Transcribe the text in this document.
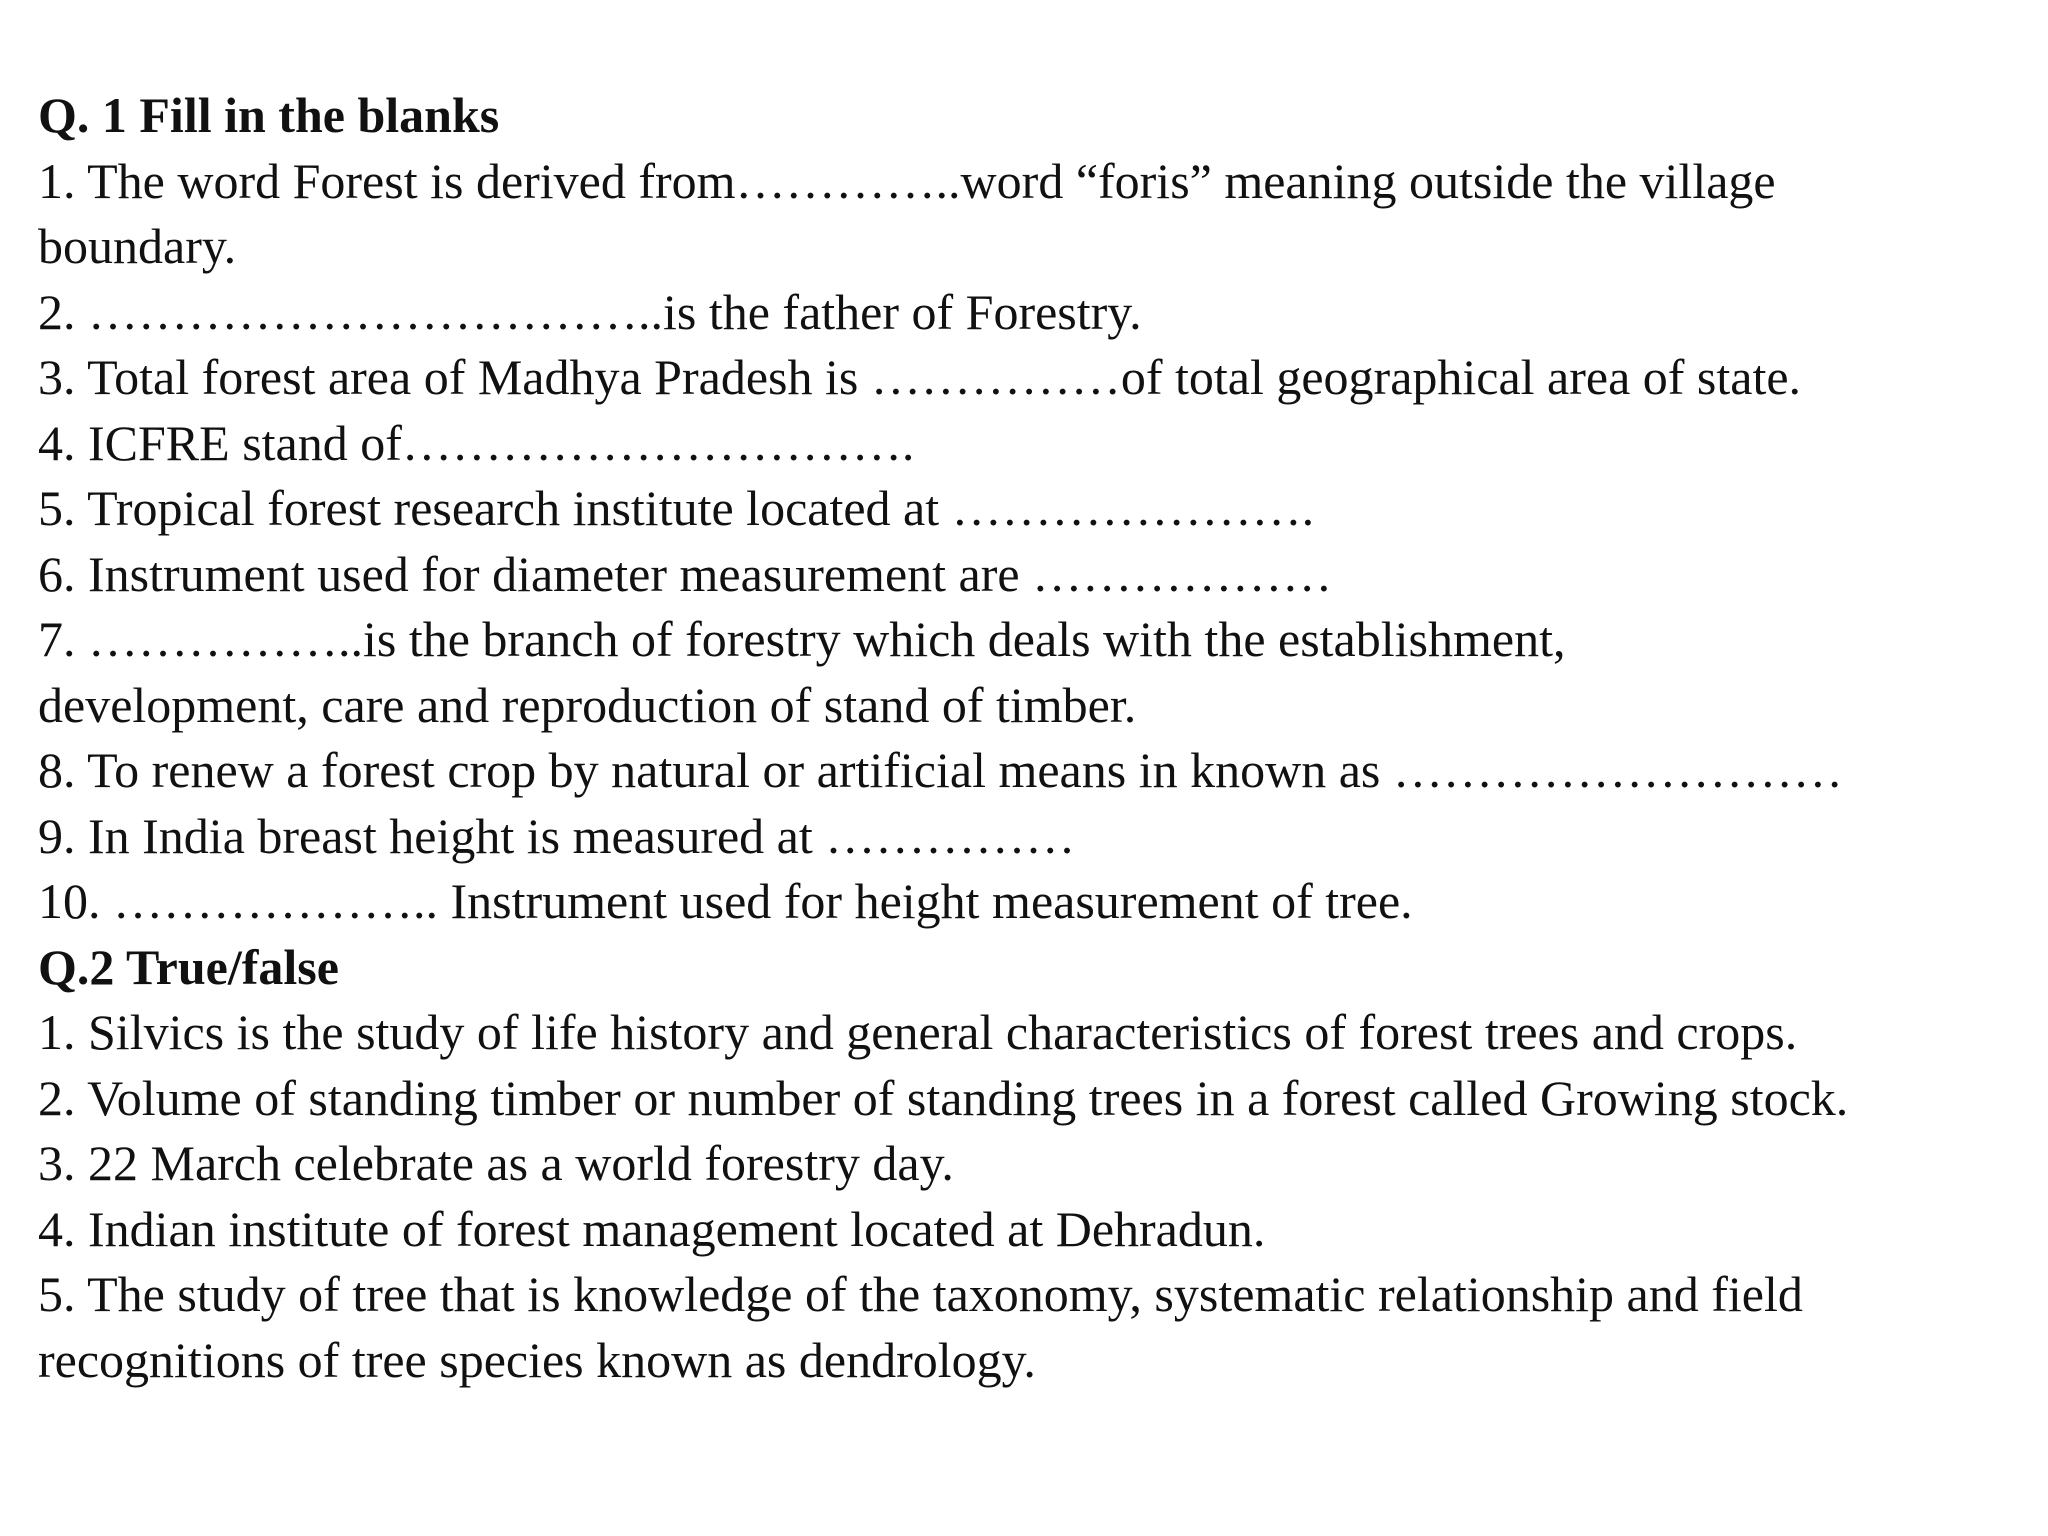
Q. 1 Fill in the blanks
1. The word Forest is derived from…………..word “foris” meaning outside the village
boundary.
2. ……………………………..is the father of Forestry.
3. Total forest area of Madhya Pradesh is ……………of total geographical area of state.
4. ICFRE stand of………………………….
5. Tropical forest research institute located at ………………….
6. Instrument used for diameter measurement are ………………
7. ……………..is the branch of forestry which deals with the establishment,
development, care and reproduction of stand of timber.
8. To renew a forest crop by natural or artificial means in known as ………………………
9. In India breast height is measured at ……………
10. ……………….. Instrument used for height measurement of tree.
Q.2 True/false
1. Silvics is the study of life history and general characteristics of forest trees and crops.
2. Volume of standing timber or number of standing trees in a forest called Growing stock.
3. 22 March celebrate as a world forestry day.
4. Indian institute of forest management located at Dehradun.
5. The study of tree that is knowledge of the taxonomy, systematic relationship and field
recognitions of tree species known as dendrology.
